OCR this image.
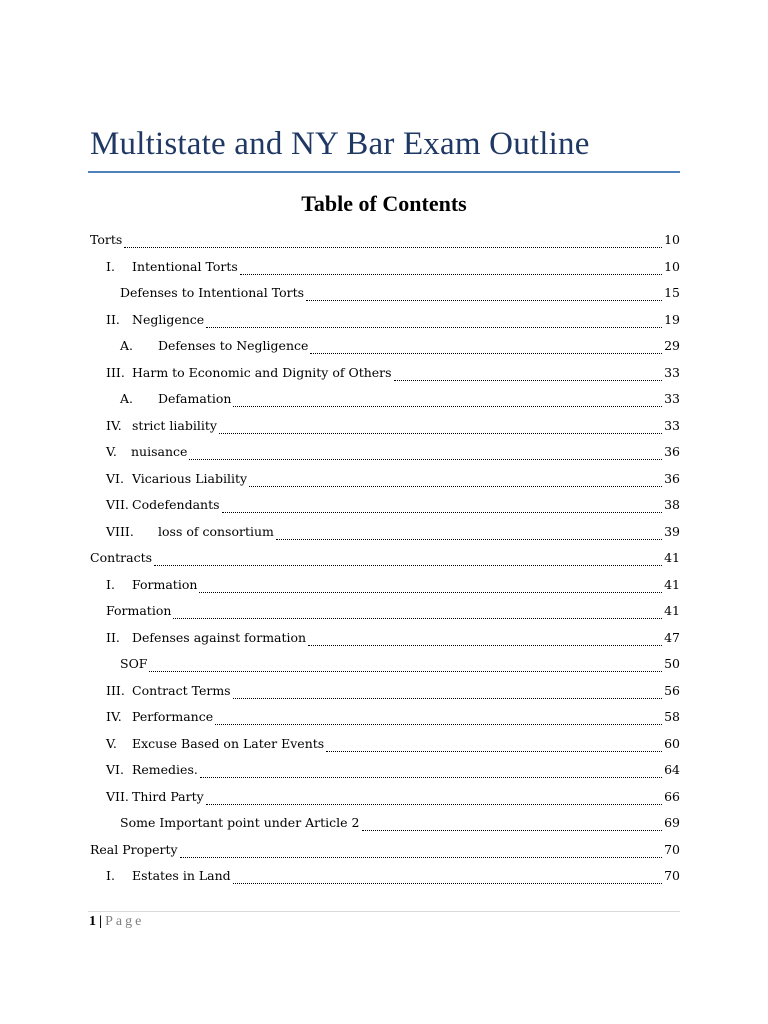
Multistate and NY Bar Exam Outline
Table of Contents
Torts	10
I.	Intentional Torts	10
Defenses to Intentional Torts	15
II. Negligence	19
A.	Defenses to Negligence	29
III. Harm to Economic and Dignity of Others	33
A.	Defamation	33
IV. strict liability	33
V.	nuisance	36
VI. Vicarious Liability	36
VII. Codefendants	38
VIII.	loss of consortium	39
Contracts	41
I.	Formation	41
Formation	41
II. Defenses against formation	47
SOF	50
III. Contract Terms	56
IV. Performance	58
V.	Excuse Based on Later Events	60
VI. Remedies.	64
VII. Third Party	66
Some Important point under Article 2	69
Real Property	70
I.	Estates in Land	70
1 | Page
